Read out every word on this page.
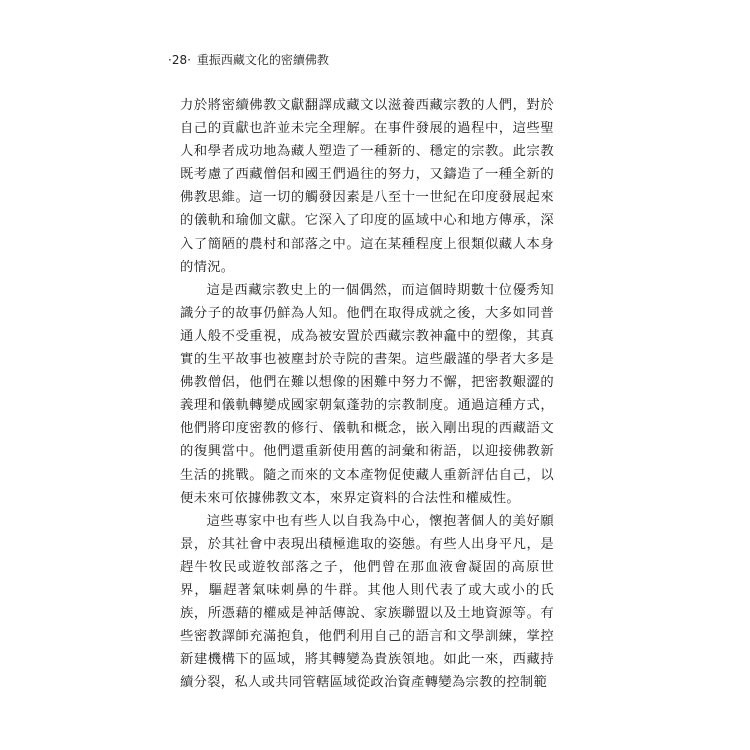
·28· 重振西藏文化的密續佛教

力於將密續佛教文獻翻譯成藏文以滋養西藏宗教的人們，對於自己的貢獻也許並未完全理解。在事件發展的過程中，這些聖人和學者成功地為藏人塑造了一種新的、穩定的宗教。此宗教既考慮了西藏僧侶和國王們過往的努力，又鑄造了一種全新的佛教思維。這一切的觸發因素是八至十一世紀在印度發展起來的儀軌和瑜伽文獻。它深入了印度的區域中心和地方傳承，深入了簡陋的農村和部落之中。這在某種程度上很類似藏人本身的情況。

這是西藏宗教史上的一個偶然，而這個時期數十位優秀知識分子的故事仍鮮為人知。他們在取得成就之後，大多如同普通人般不受重視，成為被安置於西藏宗教神龕中的塑像，其真實的生平故事也被塵封於寺院的書架。這些嚴謹的學者大多是佛教僧侶，他們在難以想像的困難中努力不懈，把密教艱澀的義理和儀軌轉變成國家朝氣蓬勃的宗教制度。通過這種方式，他們將印度密教的修行、儀軌和概念，嵌入剛出現的西藏語文的復興當中。他們還重新使用舊的詞彙和術語，以迎接佛教新生活的挑戰。隨之而來的文本產物促使藏人重新評估自己，以便未來可依據佛教文本，來界定資料的合法性和權威性。

這些專家中也有些人以自我為中心，懷抱著個人的美好願景，於其社會中表現出積極進取的姿態。有些人出身平凡，是趕牛牧民或遊牧部落之子，他們曾在那血液會凝固的高原世界，驅趕著氣味刺鼻的牛群。其他人則代表了或大或小的氏族，所憑藉的權威是神話傳說、家族聯盟以及土地資源等。有些密教譯師充滿抱負，他們利用自己的語言和文學訓練，掌控新建機構下的區域，將其轉變為貴族領地。如此一來，西藏持續分裂，私人或共同管轄區域從政治資產轉變為宗教的控制範
